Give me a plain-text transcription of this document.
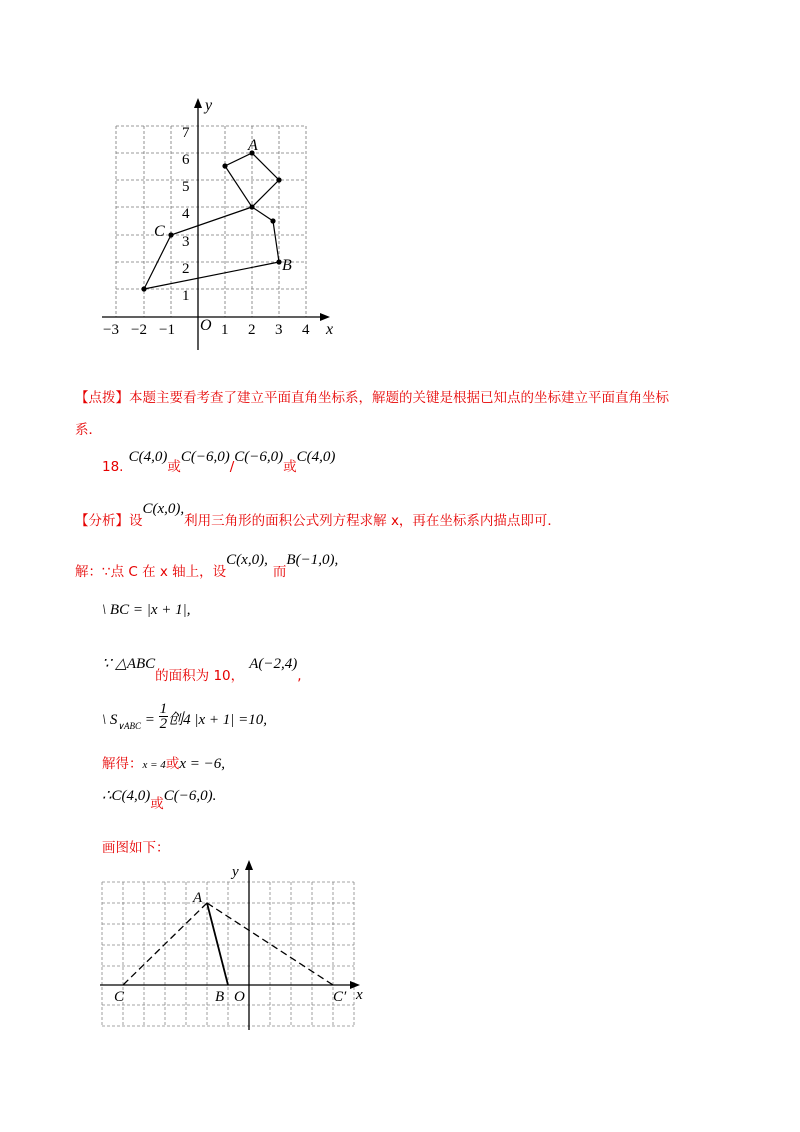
−3 −2 −1	1 2 3 4
1
2
3
4
5
6
7
y
x
O
A
B
C
【点拨】本题主要看考查了建立平面直角坐标系，解题的关键是根据已知点的坐标建立平面直角坐标
系．
$_{18.}$ $C(4,0)_或C(-6,0)_/C(-6,0)_或C(4,0)$
$_{【分析】设}C(x,0),_{利用三角形的面积公式列方程求解 x,再在坐标系内描点即可.}$
$_{解:\because 点 C 在 x 轴上,设}$C(x,0), $_而$B(−1,0),
\ BC = |x + 1|,
∵ $\triangle ABC_{的面积为 10,}$ $A(-2,4)_,$
\ $S_{\vee ABC} = \frac{1}{2}$ 创4 |x + 1| =10,
解得：x = 4或x = −6,
$\therefore C(4,0)_或C(-6,0)$.
画图如下：
y
x
O
A
B
C	C′
